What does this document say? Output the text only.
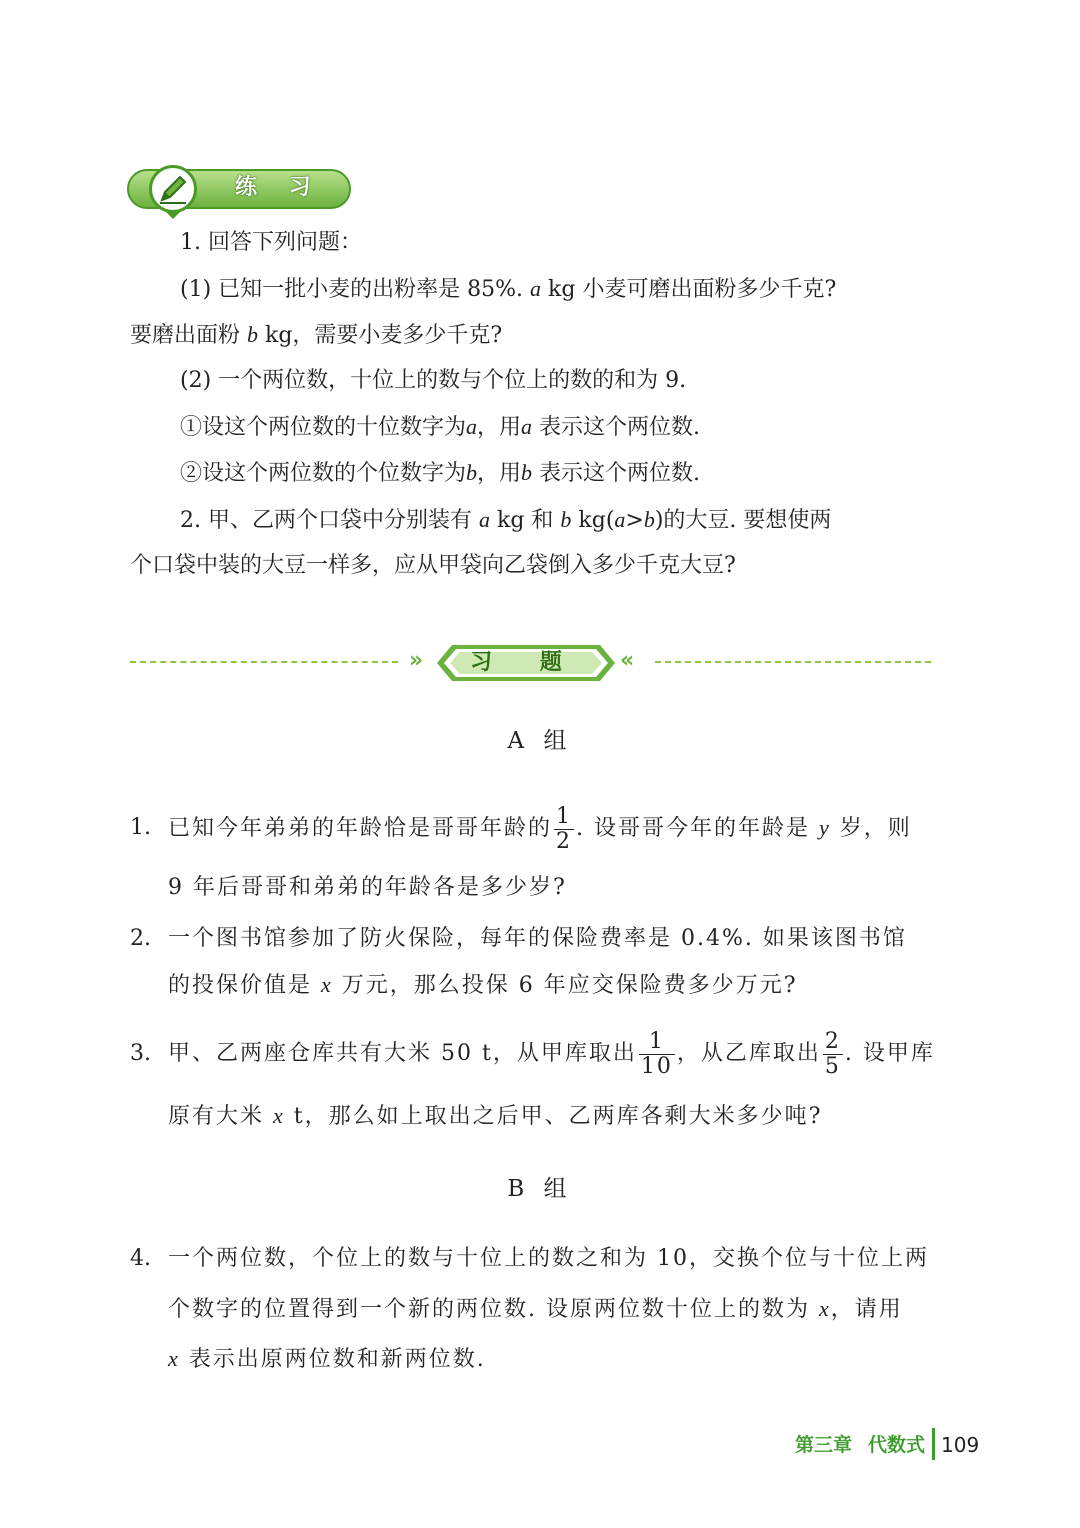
练 习
1. 回答下列问题：
(1) 已知一批小麦的出粉率是 85%. a kg 小麦可磨出面粉多少千克?
要磨出面粉 b kg，需要小麦多少千克?
(2) 一个两位数，十位上的数与个位上的数的和为 9.
①设这个两位数的十位数字为a，用a 表示这个两位数.
②设这个两位数的个位数字为b，用b 表示这个两位数.
2. 甲、乙两个口袋中分别装有 a kg 和 b kg(a>b)的大豆. 要想使两
个口袋中装的大豆一样多，应从甲袋向乙袋倒入多少千克大豆?
»	习 题	«
A 组
1. 已知今年弟弟的年龄恰是哥哥年龄的 $\frac{1}{2}$ . 设哥哥今年的年龄是 y 岁，则
9 年后哥哥和弟弟的年龄各是多少岁?
2. 一个图书馆参加了防火保险，每年的保险费率是 0.4%. 如果该图书馆
的投保价值是 x 万元，那么投保 6 年应交保险费多少万元?
3. 甲、乙两座仓库共有大米 50 t，从甲库取出 $\frac{1}{10}$ ，从乙库取出 $\frac{2}{5}$ . 设甲库
原有大米 x t，那么如上取出之后甲、乙两库各剩大米多少吨?
B 组
4. 一个两位数，个位上的数与十位上的数之和为 10，交换个位与十位上两
个数字的位置得到一个新的两位数. 设原两位数十位上的数为 x，请用
x 表示出原两位数和新两位数.
第三章 代数式 109
